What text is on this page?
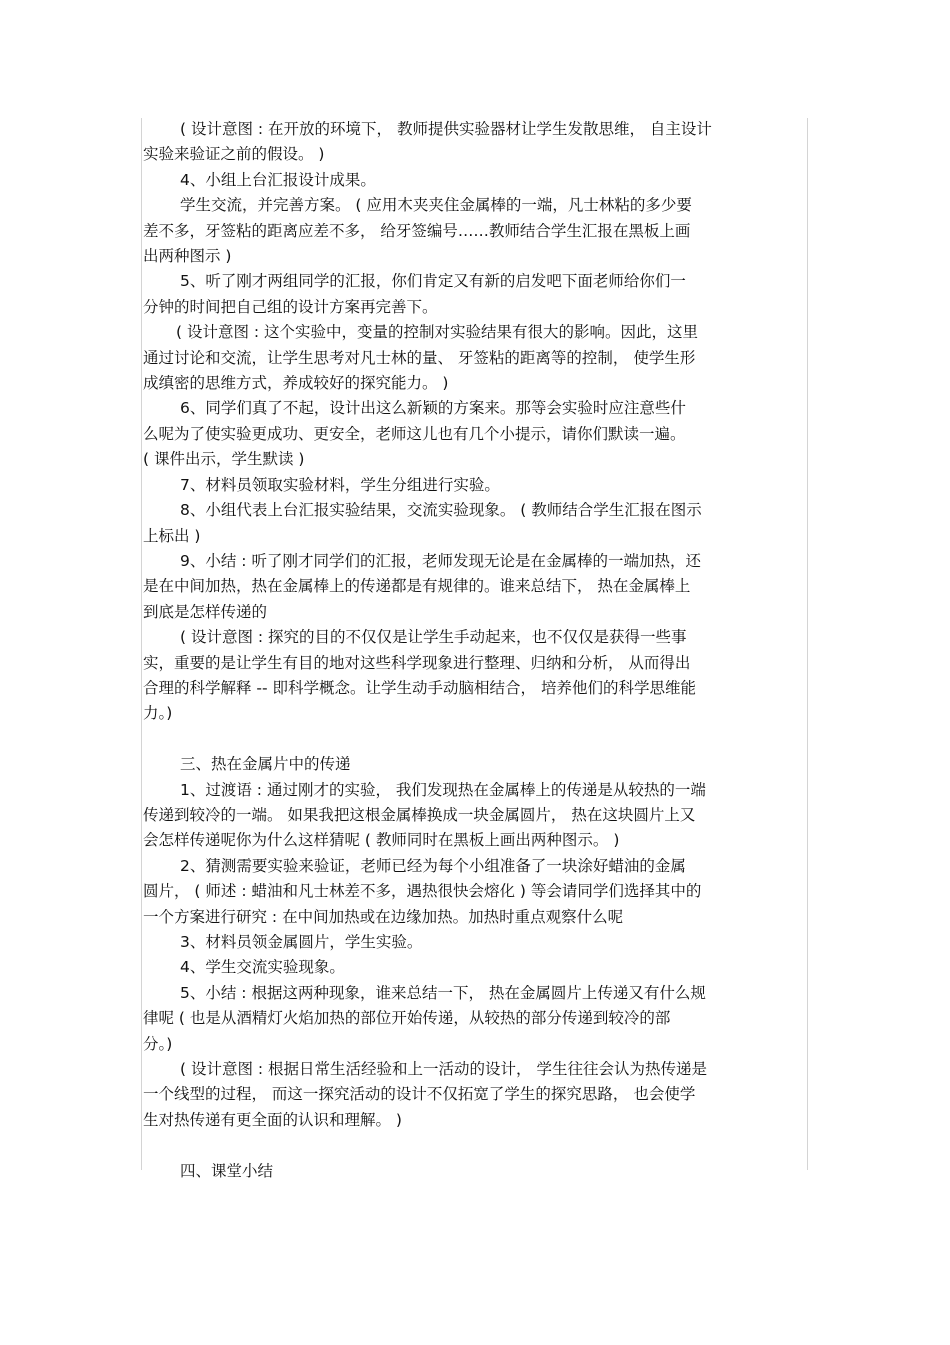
( 设计意图 : 在开放的环境下， 教师提供实验器材让学生发散思维， 自主设计

实验来验证之前的假设。 )

4、小组上台汇报设计成果。

学生交流，并完善方案。 ( 应用木夹夹住金属棒的一端，凡士林粘的多少要

差不多，牙签粘的距离应差不多， 给牙签编号……教师结合学生汇报在黑板上画

出两种图示 )

5、听了刚才两组同学的汇报，你们肯定又有新的启发吧下面老师给你们一

分钟的时间把自己组的设计方案再完善下。

( 设计意图 : 这个实验中，变量的控制对实验结果有很大的影响。因此，这里

通过讨论和交流，让学生思考对凡士林的量、 牙签粘的距离等的控制， 使学生形

成缜密的思维方式，养成较好的探究能力。 )

6、同学们真了不起，设计出这么新颖的方案来。那等会实验时应注意些什

么呢为了使实验更成功、更安全，老师这儿也有几个小提示，请你们默读一遍。

( 课件出示，学生默读 )

7、材料员领取实验材料，学生分组进行实验。

8、小组代表上台汇报实验结果，交流实验现象。 ( 教师结合学生汇报在图示

上标出 )

9、小结 : 听了刚才同学们的汇报，老师发现无论是在金属棒的一端加热，还

是在中间加热，热在金属棒上的传递都是有规律的。谁来总结下， 热在金属棒上

到底是怎样传递的

( 设计意图 : 探究的目的不仅仅是让学生手动起来，也不仅仅是获得一些事

实，重要的是让学生有目的地对这些科学现象进行整理、归纳和分析， 从而得出

合理的科学解释 -- 即科学概念。让学生动手动脑相结合， 培养他们的科学思维能

力。)

三、热在金属片中的传递

1、过渡语 : 通过刚才的实验， 我们发现热在金属棒上的传递是从较热的一端

传递到较冷的一端。 如果我把这根金属棒换成一块金属圆片， 热在这块圆片上又

会怎样传递呢你为什么这样猜呢 ( 教师同时在黑板上画出两种图示。 )

2、猜测需要实验来验证，老师已经为每个小组准备了一块涂好蜡油的金属

圆片， ( 师述 : 蜡油和凡士林差不多，遇热很快会熔化 ) 等会请同学们选择其中的

一个方案进行研究 : 在中间加热或在边缘加热。加热时重点观察什么呢

3、材料员领金属圆片，学生实验。

4、学生交流实验现象。

5、小结 : 根据这两种现象，谁来总结一下， 热在金属圆片上传递又有什么规

律呢 ( 也是从酒精灯火焰加热的部位开始传递，从较热的部分传递到较冷的部

分。)

( 设计意图 : 根据日常生活经验和上一活动的设计， 学生往往会认为热传递是

一个线型的过程， 而这一探究活动的设计不仅拓宽了学生的探究思路， 也会使学

生对热传递有更全面的认识和理解。 )

四、课堂小结
